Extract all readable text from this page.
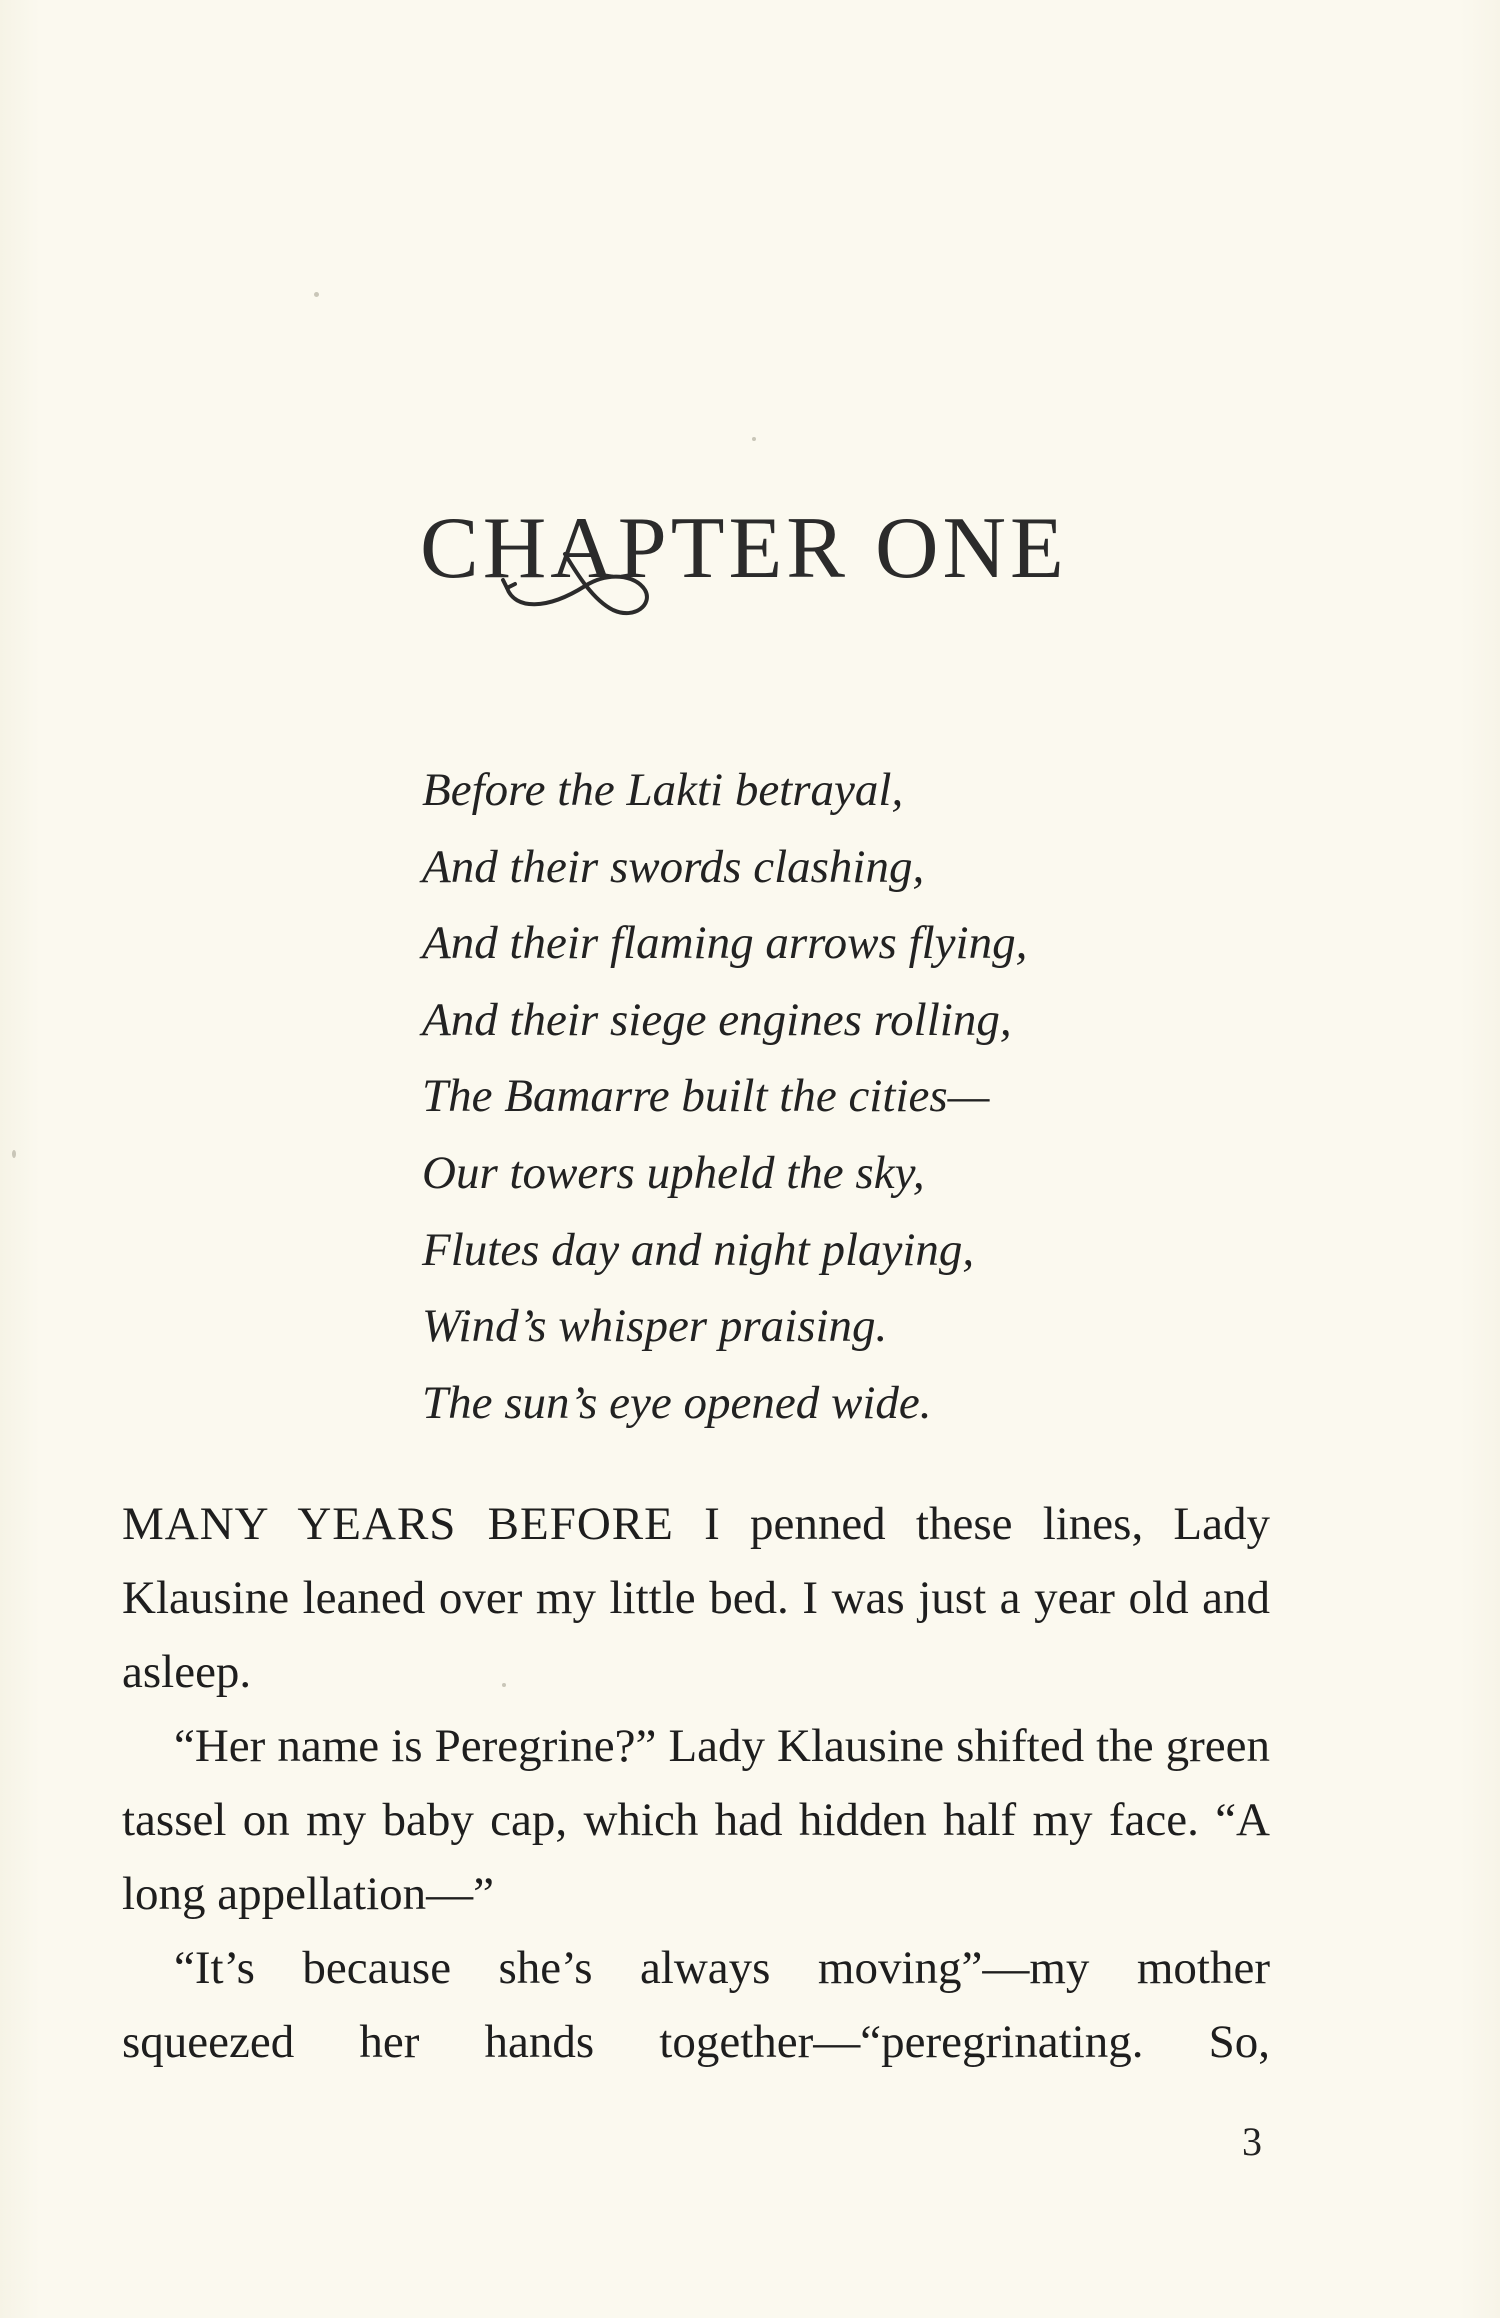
CHAPTER ONE
Before the Lakti betrayal,
And their swords clashing,
And their flaming arrows flying,
And their siege engines rolling,
The Bamarre built the cities—
Our towers upheld the sky,
Flutes day and night playing,
Wind’s whisper praising.
The sun’s eye opened wide.

MANY YEARS BEFORE I penned these lines, Lady Klausine leaned over my little bed. I was just a year old and asleep.

“Her name is Peregrine?” Lady Klausine shifted the green tassel on my baby cap, which had hidden half my face. “A long appellation—”

“It’s because she’s always moving”—my mother squeezed her hands together—“peregrinating. So,

3
